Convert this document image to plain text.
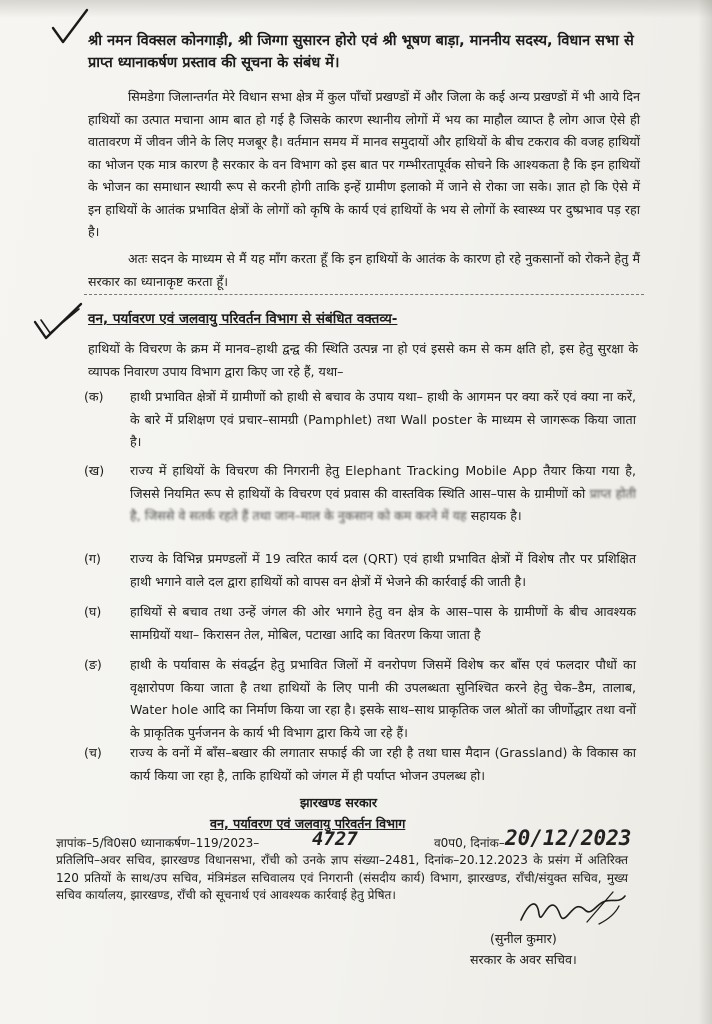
श्री नमन विक्सल कोनगाड़ी, श्री जिग्गा सुसारन होरो एवं श्री भूषण बाड़ा, माननीय सदस्य, विधान सभा से प्राप्त ध्यानाकर्षण प्रस्ताव की सूचना के संबंध में।
सिमडेगा जिलान्तर्गत मेरे विधान सभा क्षेत्र में कुल पाँचों प्रखण्डों में और जिला के कई अन्य प्रखण्डों में भी आये दिन हाथियों का उत्पात मचाना आम बात हो गई है जिसके कारण स्थानीय लोगों में भय का माहौल व्याप्त है लोग आज ऐसे ही वातावरण में जीवन जीने के लिए मजबूर है। वर्तमान समय में मानव समुदायों और हाथियों के बीच टकराव की वजह हाथियों का भोजन एक मात्र कारण है सरकार के वन विभाग को इस बात पर गम्भीरतापूर्वक सोचने कि आश्यकता है कि इन हाथियों के भोजन का समाधान स्थायी रूप से करनी होगी ताकि इन्हें ग्रामीण इलाको में जाने से रोका जा सके। ज्ञात हो कि ऐसे में इन हाथियों के आतंक प्रभावित क्षेत्रों के लोगों को कृषि के कार्य एवं हाथियों के भय से लोगों के स्वास्थ्य पर दुष्प्रभाव पड़ रहा है।
अतः सदन के माध्यम से मैं यह माँग करता हूँ कि इन हाथियों के आतंक के कारण हो रहे नुकसानों को रोकने हेतु मैं सरकार का ध्यानाकृष्ट करता हूँ।
वन, पर्यावरण एवं जलवायु परिवर्तन विभाग से संबंधित वक्तव्य-
हाथियों के विचरण के क्रम में मानव–हाथी द्वन्द्व की स्थिति उत्पन्न ना हो एवं इससे कम से कम क्षति हो, इस हेतु सुरक्षा के व्यापक निवारण उपाय विभाग द्वारा किए जा रहे हैं, यथा–
(क) हाथी प्रभावित क्षेत्रों में ग्रामीणों को हाथी से बचाव के उपाय यथा– हाथी के आगमन पर क्या करें एवं क्या ना करें, के बारे में प्रशिक्षण एवं प्रचार–सामग्री (Pamphlet) तथा Wall poster के माध्यम से जागरूक किया जाता है।
(ख) राज्य में हाथियों के विचरण की निगरानी हेतु Elephant Tracking Mobile App तैयार किया गया है, जिससे नियमित रूप से हाथियों के विचरण एवं प्रवास की वास्तविक स्थिति आस–पास के ग्रामीणों को प्राप्त होती है, जिससे वे सतर्क रहते हैं तथा जान–माल के नुकसान को कम करने में यह सहायक है।
(ग) राज्य के विभिन्न प्रमण्डलों में 19 त्वरित कार्य दल (QRT) एवं हाथी प्रभावित क्षेत्रों में विशेष तौर पर प्रशिक्षित हाथी भगाने वाले दल द्वारा हाथियों को वापस वन क्षेत्रों में भेजने की कार्रवाई की जाती है।
(घ) हाथियों से बचाव तथा उन्हें जंगल की ओर भगाने हेतु वन क्षेत्र के आस–पास के ग्रामीणों के बीच आवश्यक सामग्रियों यथा– किरासन तेल, मोबिल, पटाखा आदि का वितरण किया जाता है
(ङ) हाथी के पर्यावास के संवर्द्धन हेतु प्रभावित जिलों में वनरोपण जिसमें विशेष कर बाँस एवं फलदार पौधों का वृक्षारोपण किया जाता है तथा हाथियों के लिए पानी की उपलब्धता सुनिश्चित करने हेतु चेक–डैम, तालाब, Water hole आदि का निर्माण किया जा रहा है। इसके साथ–साथ प्राकृतिक जल श्रोतों का जीर्णोद्धार तथा वनों के प्राकृतिक पुर्नजनन के कार्य भी विभाग द्वारा किये जा रहे हैं।
(च) राज्य के वनों में बाँस–बखार की लगातार सफाई की जा रही है तथा घास मैदान (Grassland) के विकास का कार्य किया जा रहा है, ताकि हाथियों को जंगल में ही पर्याप्त भोजन उपलब्ध हो।
झारखण्ड सरकार
वन, पर्यावरण एवं जलवायु परिवर्तन विभाग
ज्ञापांक–5/वि0स0 ध्यानाकर्षण–119/2023–	4727	व0प0, दिनांक– 20/12/2023
प्रतिलिपि–अवर सचिव, झारखण्ड विधानसभा, राँची को उनके ज्ञाप संख्या–2481, दिनांक–20.12.2023 के प्रसंग में अतिरिक्त 120 प्रतियों के साथ/उप सचिव, मंत्रिमंडल सचिवालय एवं निगरानी (संसदीय कार्य) विभाग, झारखण्ड, राँची/संयुक्त सचिव, मुख्य सचिव कार्यालय, झारखण्ड, राँची को सूचनार्थ एवं आवश्यक कार्रवाई हेतु प्रेषित।
(सुनील कुमार)
सरकार के अवर सचिव।
